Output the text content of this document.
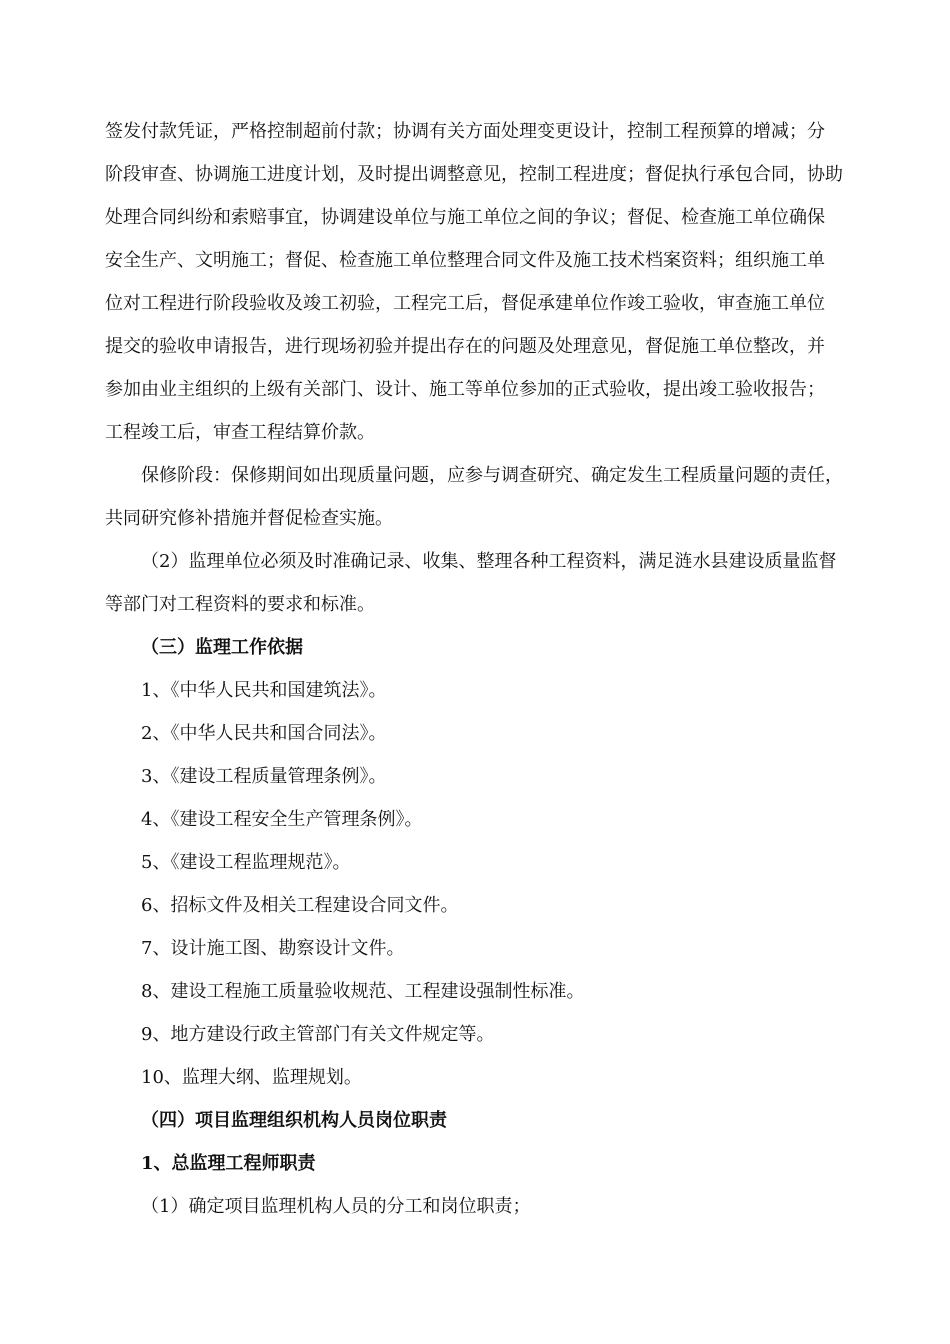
签发付款凭证，严格控制超前付款；协调有关方面处理变更设计，控制工程预算的增减；分
阶段审查、协调施工进度计划，及时提出调整意见，控制工程进度；督促执行承包合同，协助
处理合同纠纷和索赔事宜，协调建设单位与施工单位之间的争议；督促、检查施工单位确保
安全生产、文明施工；督促、检查施工单位整理合同文件及施工技术档案资料；组织施工单
位对工程进行阶段验收及竣工初验，工程完工后，督促承建单位作竣工验收，审查施工单位
提交的验收申请报告，进行现场初验并提出存在的问题及处理意见，督促施工单位整改，并
参加由业主组织的上级有关部门、设计、施工等单位参加的正式验收，提出竣工验收报告；
工程竣工后，审查工程结算价款。

保修阶段：保修期间如出现质量问题，应参与调查研究、确定发生工程质量问题的责任，
共同研究修补措施并督促检查实施。

（2）监理单位必须及时准确记录、收集、整理各种工程资料，满足涟水县建设质量监督
等部门对工程资料的要求和标准。

（三）监理工作依据

1、《中华人民共和国建筑法》。

2、《中华人民共和国合同法》。

3、《建设工程质量管理条例》。

4、《建设工程安全生产管理条例》。

5、《建设工程监理规范》。

6、招标文件及相关工程建设合同文件。

7、设计施工图、勘察设计文件。

8、建设工程施工质量验收规范、工程建设强制性标准。

9、地方建设行政主管部门有关文件规定等。

10、监理大纲、监理规划。

（四）项目监理组织机构人员岗位职责

1、总监理工程师职责

（1）确定项目监理机构人员的分工和岗位职责；
